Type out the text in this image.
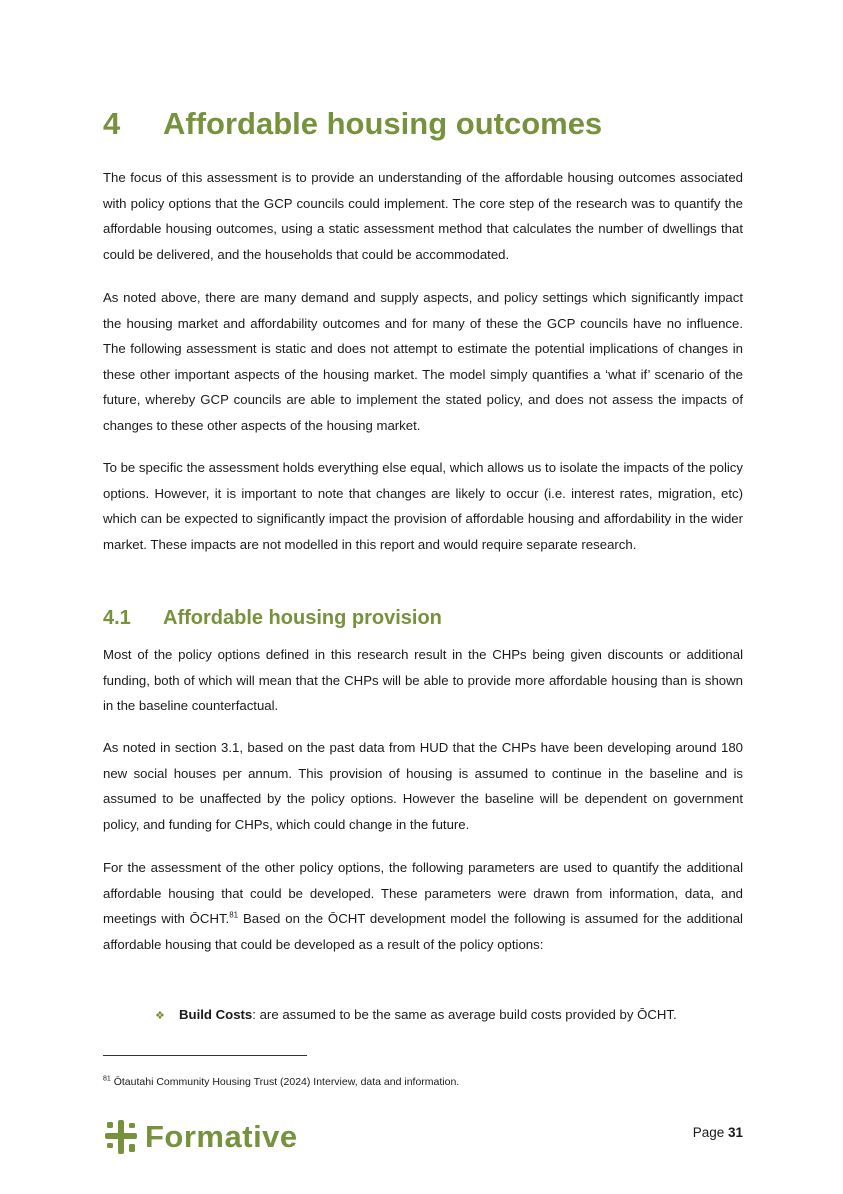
4 Affordable housing outcomes

The focus of this assessment is to provide an understanding of the affordable housing outcomes associated with policy options that the GCP councils could implement. The core step of the research was to quantify the affordable housing outcomes, using a static assessment method that calculates the number of dwellings that could be delivered, and the households that could be accommodated.

As noted above, there are many demand and supply aspects, and policy settings which significantly impact the housing market and affordability outcomes and for many of these the GCP councils have no influence. The following assessment is static and does not attempt to estimate the potential implications of changes in these other important aspects of the housing market. The model simply quantifies a ‘what if’ scenario of the future, whereby GCP councils are able to implement the stated policy, and does not assess the impacts of changes to these other aspects of the housing market.

To be specific the assessment holds everything else equal, which allows us to isolate the impacts of the policy options. However, it is important to note that changes are likely to occur (i.e. interest rates, migration, etc) which can be expected to significantly impact the provision of affordable housing and affordability in the wider market. These impacts are not modelled in this report and would require separate research.

4.1 Affordable housing provision

Most of the policy options defined in this research result in the CHPs being given discounts or additional funding, both of which will mean that the CHPs will be able to provide more affordable housing than is shown in the baseline counterfactual.

As noted in section 3.1, based on the past data from HUD that the CHPs have been developing around 180 new social houses per annum. This provision of housing is assumed to continue in the baseline and is assumed to be unaffected by the policy options. However the baseline will be dependent on government policy, and funding for CHPs, which could change in the future.

For the assessment of the other policy options, the following parameters are used to quantify the additional affordable housing that could be developed. These parameters were drawn from information, data, and meetings with ŌCHT.$^{81}$ Based on the ŌCHT development model the following is assumed for the additional affordable housing that could be developed as a result of the policy options:

❖ Build Costs: are assumed to be the same as average build costs provided by ŌCHT.
$^{81}$ Ōtautahi Community Housing Trust (2024) Interview, data and information.
Formative	Page 31
